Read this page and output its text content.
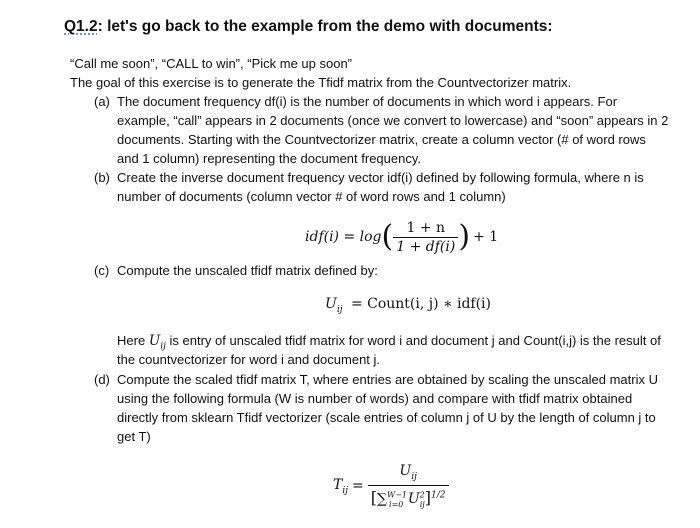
Q1.2: let's go back to the example from the demo with documents:
“Call me soon”, “CALL to win”, “Pick me up soon”
The goal of this exercise is to generate the Tfidf matrix from the Countvectorizer matrix.
(a) The document frequency df(i) is the number of documents in which word i appears. For
example, “call” appears in 2 documents (once we convert to lowercase) and “soon” appears in 2
documents. Starting with the Countvectorizer matrix, create a column vector (# of word rows
and 1 column) representing the document frequency.
(b) Create the inverse document frequency vector idf(i) defined by following formula, where n is
number of documents (column vector # of word rows and 1 column)
idf(i) = log ( $\frac{1 + n}{1 + df(i)}$ ) + 1
(c) Compute the unscaled tfidf matrix defined by:
$U_{ij}$ = Count(i, j) ∗ idf(i)
Here $U_{ij}$ is entry of unscaled tfidf matrix for word i and document j and Count(i,j) is the result of
the countvectorizer for word i and document j.
(d) Compute the scaled tfidf matrix T, where entries are obtained by scaling the unscaled matrix U
using the following formula (W is number of words) and compare with tfidf matrix obtained
directly from sklearn Tfidf vectorizer (scale entries of column j of U by the length of column j to
get T)
$T_{ij} = \frac{U_{ij}}{[\sum^{W-1}_{i=0} U^2_{ij}]^{1/2}}$
